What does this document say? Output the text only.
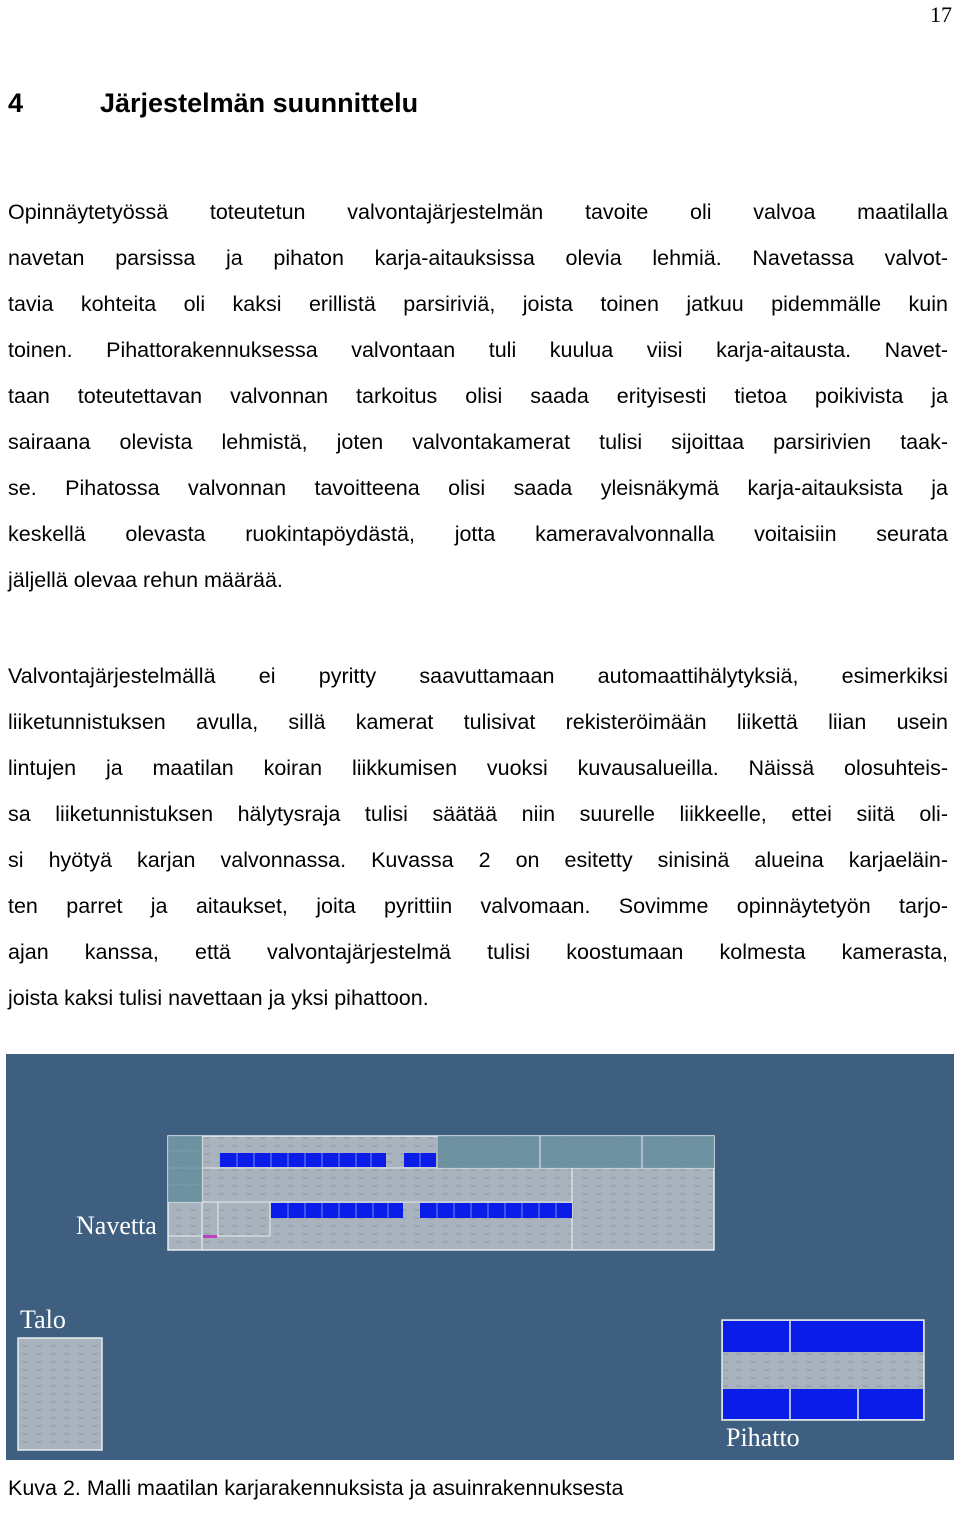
17
4	Järjestelmän suunnittelu
Opinnäytetyössä toteutetun valvontajärjestelmän tavoite oli valvoa maatilalla
navetan parsissa ja pihaton karja-aitauksissa olevia lehmiä. Navetassa valvot-
tavia kohteita oli kaksi erillistä parsiriviä, joista toinen jatkuu pidemmälle kuin
toinen. Pihattorakennuksessa valvontaan tuli kuulua viisi karja-aitausta. Navet-
taan toteutettavan valvonnan tarkoitus olisi saada erityisesti tietoa poikivista ja
sairaana olevista lehmistä, joten valvontakamerat tulisi sijoittaa parsirivien taak-
se. Pihatossa valvonnan tavoitteena olisi saada yleisnäkymä karja-aitauksista ja
keskellä olevasta ruokintapöydästä, jotta kameravalvonnalla voitaisiin seurata
jäljellä olevaa rehun määrää.
Valvontajärjestelmällä ei pyritty saavuttamaan automaattihälytyksiä, esimerkiksi
liiketunnistuksen avulla, sillä kamerat tulisivat rekisteröimään liikettä liian usein
lintujen ja maatilan koiran liikkumisen vuoksi kuvausalueilla. Näissä olosuhteis-
sa liiketunnistuksen hälytysraja tulisi säätää niin suurelle liikkeelle, ettei siitä oli-
si hyötyä karjan valvonnassa. Kuvassa 2 on esitetty sinisinä alueina karjaeläin-
ten parret ja aitaukset, joita pyrittiin valvomaan. Sovimme opinnäytetyön tarjo-
ajan kanssa, että valvontajärjestelmä tulisi koostumaan kolmesta kamerasta,
joista kaksi tulisi navettaan ja yksi pihattoon.
Navetta
Talo
Pihatto
Kuva 2. Malli maatilan karjarakennuksista ja asuinrakennuksesta
